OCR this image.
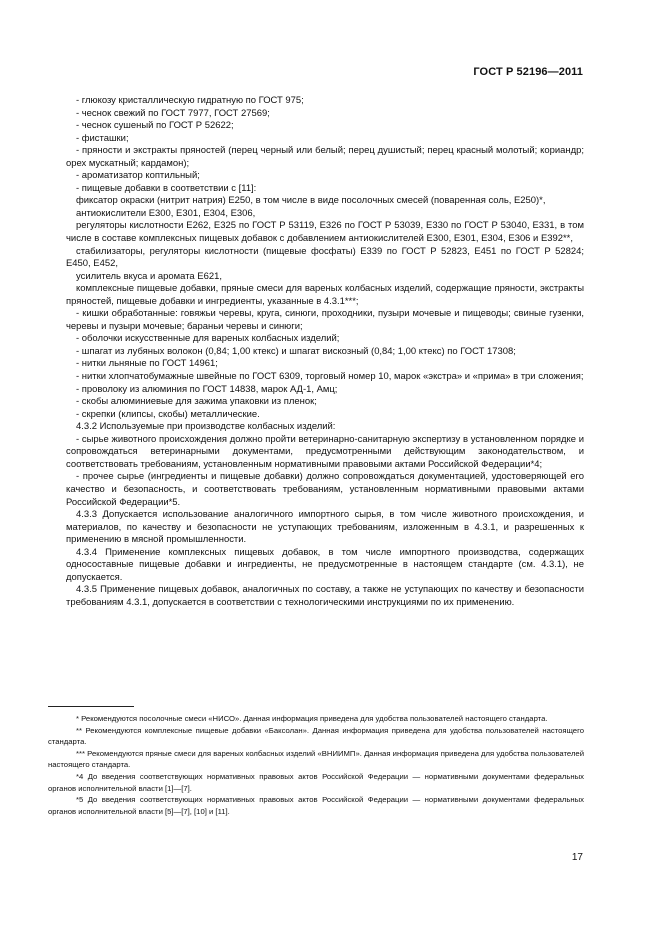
ГОСТ Р 52196—2011

- глюкозу кристаллическую гидратную по ГОСТ 975;

- чеснок свежий по ГОСТ 7977, ГОСТ 27569;

- чеснок сушеный по ГОСТ Р 52622;

- фисташки;

- пряности и экстракты пряностей (перец черный или белый; перец душистый; перец красный молотый; кориандр; орех мускатный; кардамон);

- ароматизатор коптильный;

- пищевые добавки в соответствии с [11]:

фиксатор окраски (нитрит натрия) Е250, в том числе в виде посолочных смесей (поваренная соль, Е250)*,

антиокислители Е300, Е301, Е304, Е306,

регуляторы кислотности Е262, Е325 по ГОСТ Р 53119, Е326 по ГОСТ Р 53039, Е330 по ГОСТ Р 53040, Е331, в том числе в составе комплексных пищевых добавок с добавлением антиокислителей Е300, Е301, Е304, Е306 и Е392**,

стабилизаторы, регуляторы кислотности (пищевые фосфаты) Е339 по ГОСТ Р 52823, Е451 по ГОСТ Р 52824; Е450, Е452,

усилитель вкуса и аромата Е621,

комплексные пищевые добавки, пряные смеси для вареных колбасных изделий, содержащие пряности, экстракты пряностей, пищевые добавки и ингредиенты, указанные в 4.3.1***;

- кишки обработанные: говяжьи черевы, круга, синюги, проходники, пузыри мочевые и пищеводы; свиные гузенки, черевы и пузыри мочевые; бараньи черевы и синюги;

- оболочки искусственные для вареных колбасных изделий;

- шпагат из лубяных волокон (0,84; 1,00 ктекс) и шпагат вискозный (0,84; 1,00 ктекс) по ГОСТ 17308;

- нитки льняные по ГОСТ 14961;

- нитки хлопчатобумажные швейные по ГОСТ 6309, торговый номер 10, марок «экстра» и «прима» в три сложения;

- проволоку из алюминия по ГОСТ 14838, марок АД-1, Амц;

- скобы алюминиевые для зажима упаковки из пленок;

- скрепки (клипсы, скобы) металлические.

4.3.2 Используемые при производстве колбасных изделий:

- сырье животного происхождения должно пройти ветеринарно-санитарную экспертизу в установленном порядке и сопровождаться ветеринарными документами, предусмотренными действующим законодательством, и соответствовать требованиям, установленным нормативными правовыми актами Российской Федерации*4;

- прочее сырье (ингредиенты и пищевые добавки) должно сопровождаться документацией, удостоверяющей его качество и безопасность, и соответствовать требованиям, установленным нормативными правовыми актами Российской Федерации*5.

4.3.3 Допускается использование аналогичного импортного сырья, в том числе животного происхождения, и материалов, по качеству и безопасности не уступающих требованиям, изложенным в 4.3.1, и разрешенных к применению в мясной промышленности.

4.3.4 Применение комплексных пищевых добавок, в том числе импортного производства, содержащих односоставные пищевые добавки и ингредиенты, не предусмотренные в настоящем стандарте (см. 4.3.1), не допускается.

4.3.5 Применение пищевых добавок, аналогичных по составу, а также не уступающих по качеству и безопасности требованиям 4.3.1, допускается в соответствии с технологическими инструкциями по их применению.

* Рекомендуются посолочные смеси «НИСО». Данная информация приведена для удобства пользователей настоящего стандарта.

** Рекомендуются комплексные пищевые добавки «Баксолан». Данная информация приведена для удобства пользователей настоящего стандарта.

*** Рекомендуются пряные смеси для вареных колбасных изделий «ВНИИМП». Данная информация приведена для удобства пользователей настоящего стандарта.

*4 До введения соответствующих нормативных правовых актов Российской Федерации — нормативными документами федеральных органов исполнительной власти [1]—[7].

*5 До введения соответствующих нормативных правовых актов Российской Федерации — нормативными документами федеральных органов исполнительной власти [5]—[7], [10] и [11].

17
